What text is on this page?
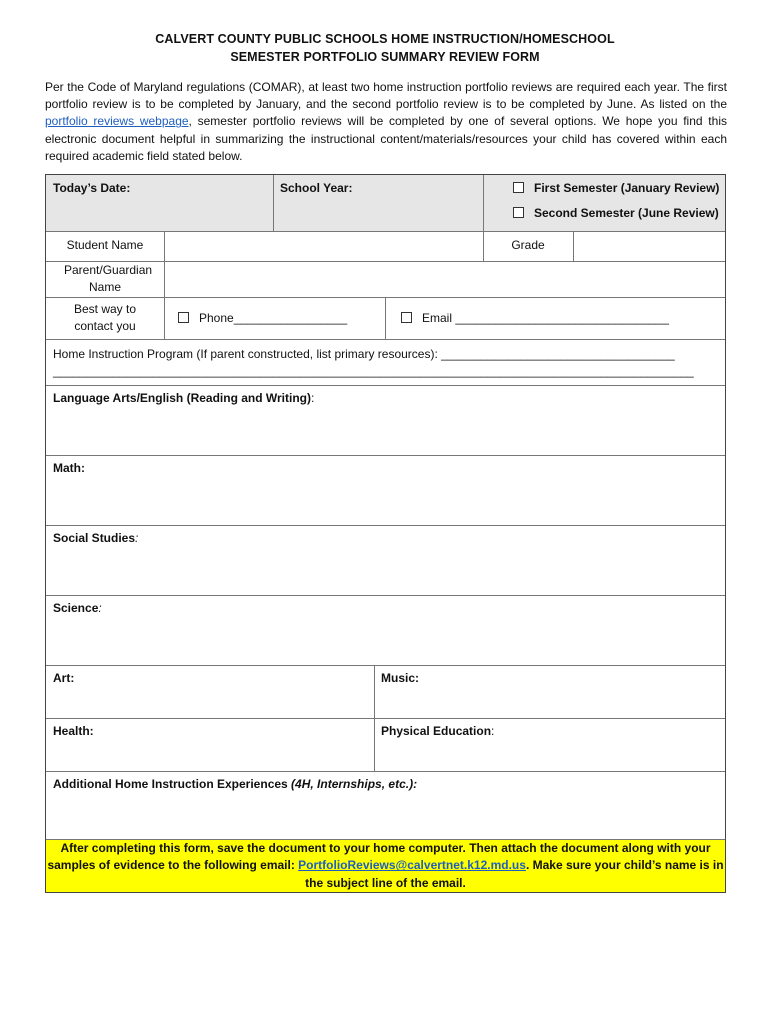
CALVERT COUNTY PUBLIC SCHOOLS HOME INSTRUCTION/HOMESCHOOL
SEMESTER PORTFOLIO SUMMARY REVIEW FORM
Per the Code of Maryland regulations (COMAR), at least two home instruction portfolio reviews are required each year. The first portfolio review is to be completed by January, and the second portfolio review is to be completed by June. As listed on the portfolio reviews webpage, semester portfolio reviews will be completed by one of several options. We hope you find this electronic document helpful in summarizing the instructional content/materials/resources your child has covered within each required academic field stated below.
Today’s Date:	School Year:	First Semester (January Review)
Second Semester (June Review)
Student Name	Grade
Parent/Guardian Name
Best way to contact you
Phone_________________	Email ________________________________
Home Instruction Program (If parent constructed, list primary resources): ___________________________________
________________________________________________________________________________________________
Language Arts/English (Reading and Writing):
Math:
Social Studies:
Science:
Art:	Music:
Health:	Physical Education:
Additional Home Instruction Experiences (4H, Internships, etc.):
After completing this form, save the document to your home computer. Then attach the document along with your samples of evidence to the following email: PortfolioReviews@calvertnet.k12.md.us. Make sure your child’s name is in the subject line of the email.
